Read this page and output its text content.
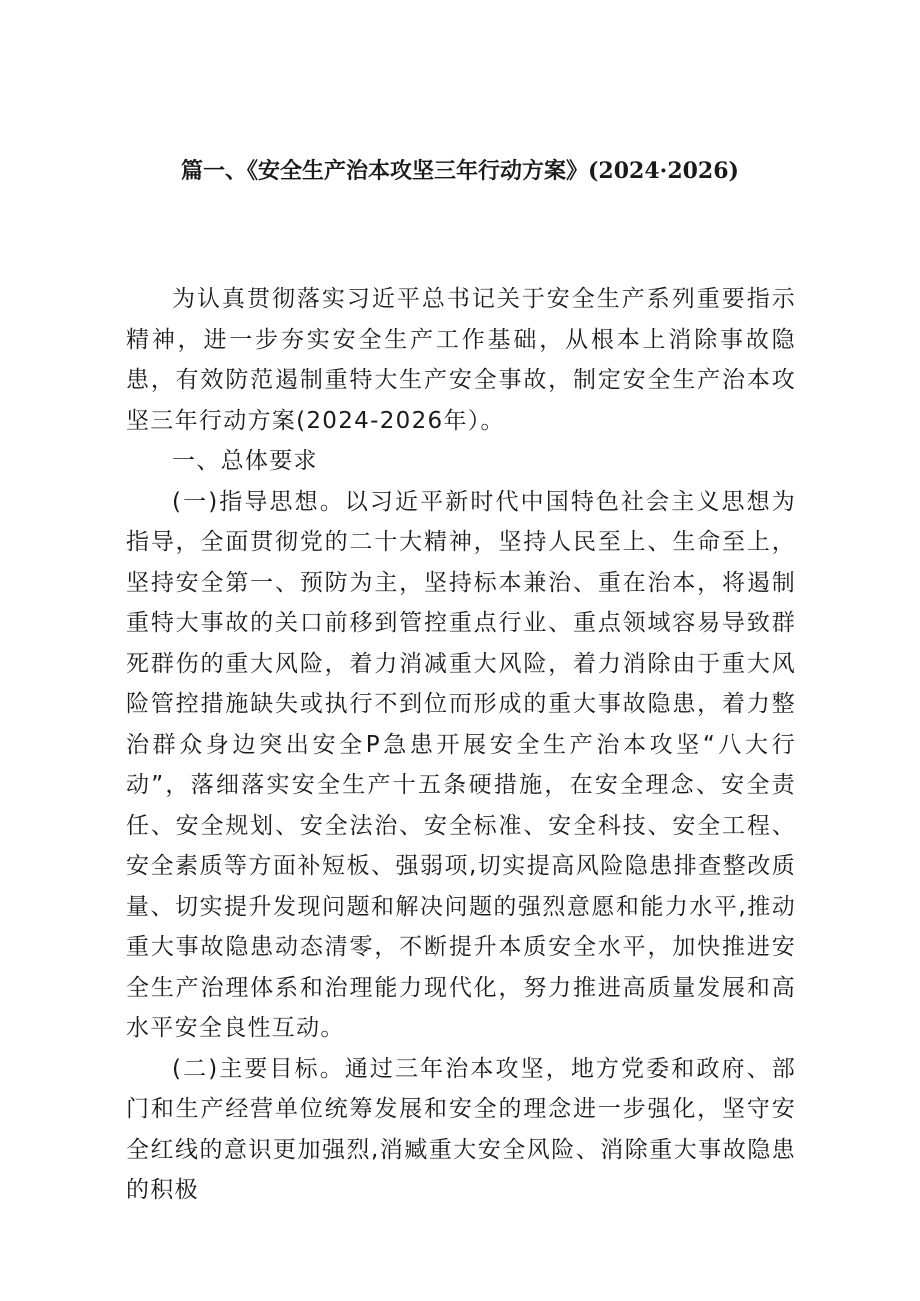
篇一、《安全生产治本攻坚三年行动方案》(2024·2026)

为认真贯彻落实习近平总书记关于安全生产系列重要指示精神，进一步夯实安全生产工作基础，从根本上消除事故隐患，有效防范遏制重特大生产安全事故，制定安全生产治本攻坚三年行动方案(2024-2026年）。

一、总体要求

(一)指导思想。以习近平新时代中国特色社会主义思想为指导，全面贯彻党的二十大精神，坚持人民至上、生命至上，坚持安全第一、预防为主，坚持标本兼治、重在治本，将遏制重特大事故的关口前移到管控重点行业、重点领域容易导致群死群伤的重大风险，着力消减重大风险，着力消除由于重大风险管控措施缺失或执行不到位而形成的重大事故隐患，着力整治群众身边突出安全P急患开展安全生产治本攻坚“八大行动”，落细落实安全生产十五条硬措施，在安全理念、安全责任、安全规划、安全法治、安全标准、安全科技、安全工程、安全素质等方面补短板、强弱项,切实提高风险隐患排查整改质量、切实提升发现问题和解决问题的强烈意愿和能力水平,推动重大事故隐患动态清零，不断提升本质安全水平，加快推进安全生产治理体系和治理能力现代化，努力推进高质量发展和高水平安全良性互动。

(二)主要目标。通过三年治本攻坚，地方党委和政府、部门和生产经营单位统筹发展和安全的理念进一步强化，坚守安全红线的意识更加强烈,消臧重大安全风险、消除重大事故隐患的积极
